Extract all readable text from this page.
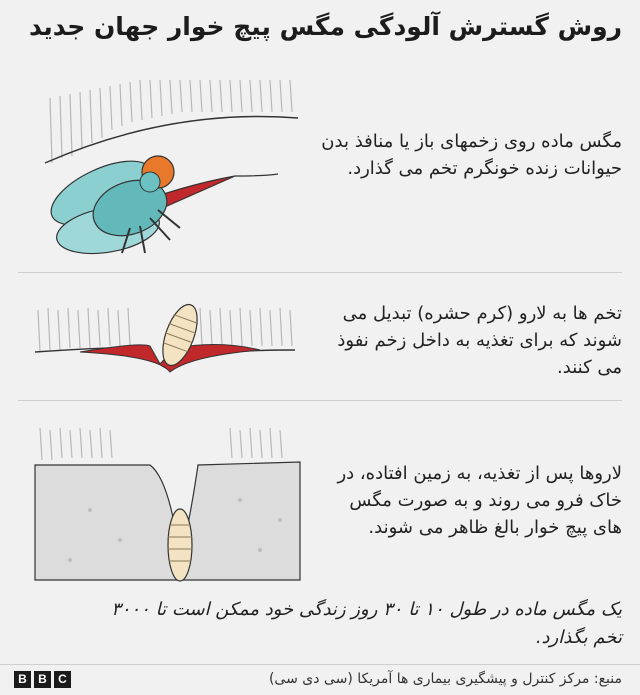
روش گسترش آلودگی مگس پیچ خوار جهان جدید
مگس ماده روی زخمهای باز یا منافذ بدن حیوانات زنده خونگرم تخم می گذارد.
تخم ها به لارو (کرم حشره) تبدیل می شوند که برای تغذیه به داخل زخم نفوذ می کنند.
لاروها پس از تغذیه، به زمین افتاده، در خاک فرو می روند و به صورت مگس های پیچ خوار بالغ ظاهر می شوند.
یک مگس ماده در طول ۱۰ تا ۳۰ روز زندگی خود ممکن است تا ۳۰۰۰ تخم بگذارد.
B B C	منبع: مرکز کنترل و پیشگیری بیماری ها آمریکا (سی دی سی)
